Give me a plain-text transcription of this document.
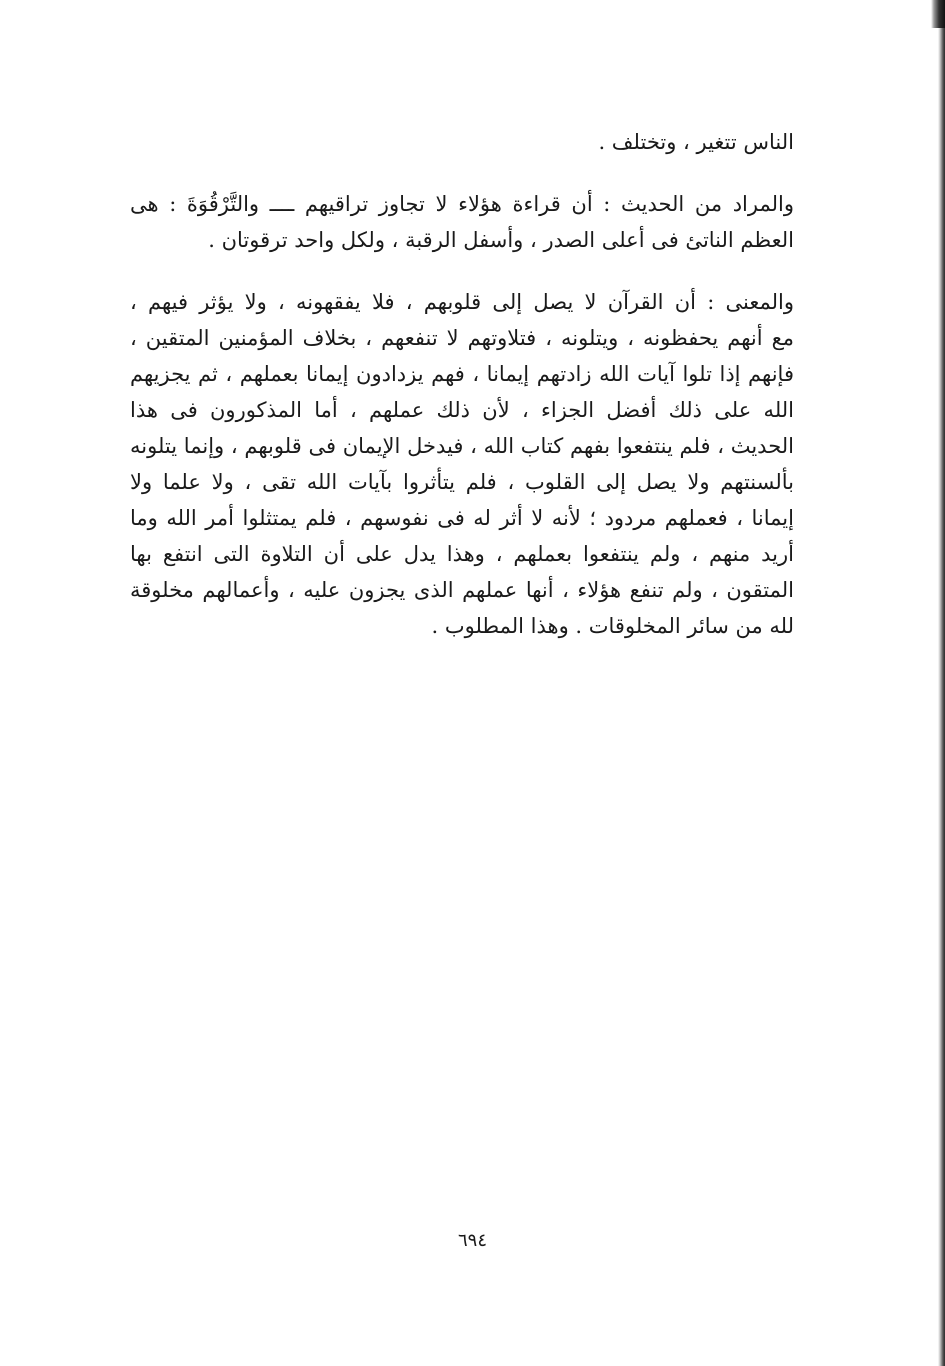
الناس تتغير ، وتختلف .
والمراد من الحديث : أن قراءة هؤلاء لا تجاوز تراقيهم ــــ والتَّرْقُوَةَ : هى
العظم الناتئ فى أعلى الصدر ، وأسفل الرقبة ، ولكل واحد ترقوتان .
والمعنى : أن القرآن لا يصل إلى قلوبهم ، فلا يفقهونه ، ولا يؤثر فيهم ،
مع أنهم يحفظونه ، ويتلونه ، فتلاوتهم لا تنفعهم ، بخلاف المؤمنين المتقين ،
فإنهم إذا تلوا آيات الله زادتهم إيمانا ، فهم يزدادون إيمانا بعملهم ، ثم يجزيهم
الله على ذلك أفضل الجزاء ، لأن ذلك عملهم ، أما المذكورون فى هذا
الحديث ، فلم ينتفعوا بفهم كتاب الله ، فيدخل الإيمان فى قلوبهم ، وإنما يتلونه
بألسنتهم ولا يصل إلى القلوب ، فلم يتأثروا بآيات الله تقى ، ولا علما ولا
إيمانا ، فعملهم مردود ؛ لأنه لا أثر له فى نفوسهم ، فلم يمتثلوا أمر الله وما
أريد منهم ، ولم ينتفعوا بعملهم ، وهذا يدل على أن التلاوة التى انتفع بها
المتقون ، ولم تنفع هؤلاء ، أنها عملهم الذى يجزون عليه ، وأعمالهم مخلوقة
لله من سائر المخلوقات . وهذا المطلوب .
٦٩٤
